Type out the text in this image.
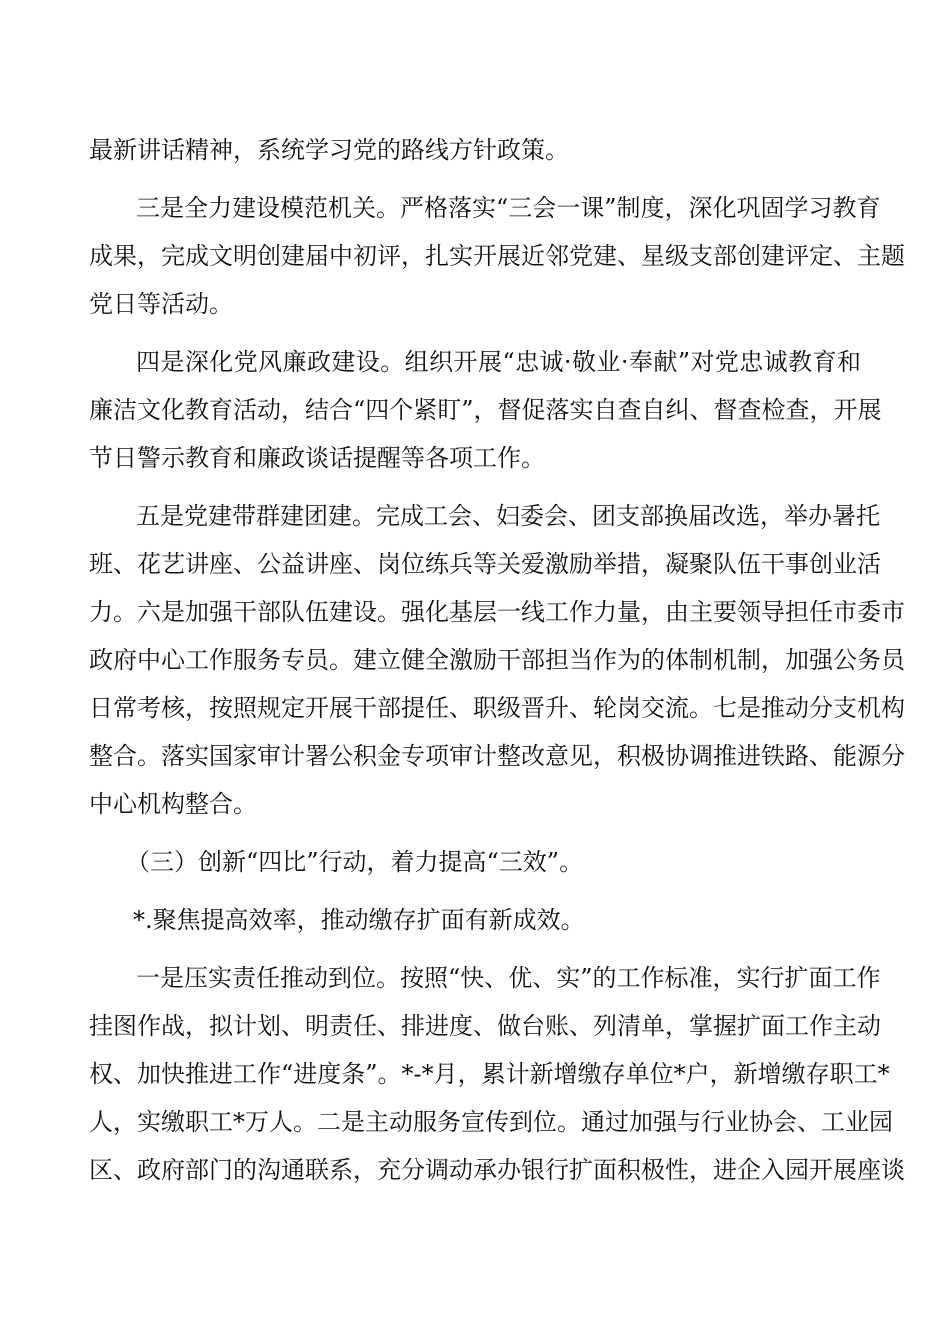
最新讲话精神，系统学习党的路线方针政策。

三是全力建设模范机关。严格落实“三会一课”制度，深化巩固学习教育

成果，完成文明创建届中初评，扎实开展近邻党建、星级支部创建评定、主题

党日等活动。

四是深化党风廉政建设。组织开展“忠诚·敬业·奉献”对党忠诚教育和

廉洁文化教育活动，结合“四个紧盯”，督促落实自查自纠、督查检查，开展

节日警示教育和廉政谈话提醒等各项工作。

五是党建带群建团建。完成工会、妇委会、团支部换届改选，举办暑托

班、花艺讲座、公益讲座、岗位练兵等关爱激励举措，凝聚队伍干事创业活

力。六是加强干部队伍建设。强化基层一线工作力量，由主要领导担任市委市

政府中心工作服务专员。建立健全激励干部担当作为的体制机制，加强公务员

日常考核，按照规定开展干部提任、职级晋升、轮岗交流。七是推动分支机构

整合。落实国家审计署公积金专项审计整改意见，积极协调推进铁路、能源分

中心机构整合。

（三）创新“四比”行动，着力提高“三效”。

*.聚焦提高效率，推动缴存扩面有新成效。

一是压实责任推动到位。按照“快、优、实”的工作标准，实行扩面工作

挂图作战，拟计划、明责任、排进度、做台账、列清单，掌握扩面工作主动

权、加快推进工作“进度条”。*-*月，累计新增缴存单位*户，新增缴存职工*

人，实缴职工*万人。二是主动服务宣传到位。通过加强与行业协会、工业园

区、政府部门的沟通联系，充分调动承办银行扩面积极性，进企入园开展座谈
